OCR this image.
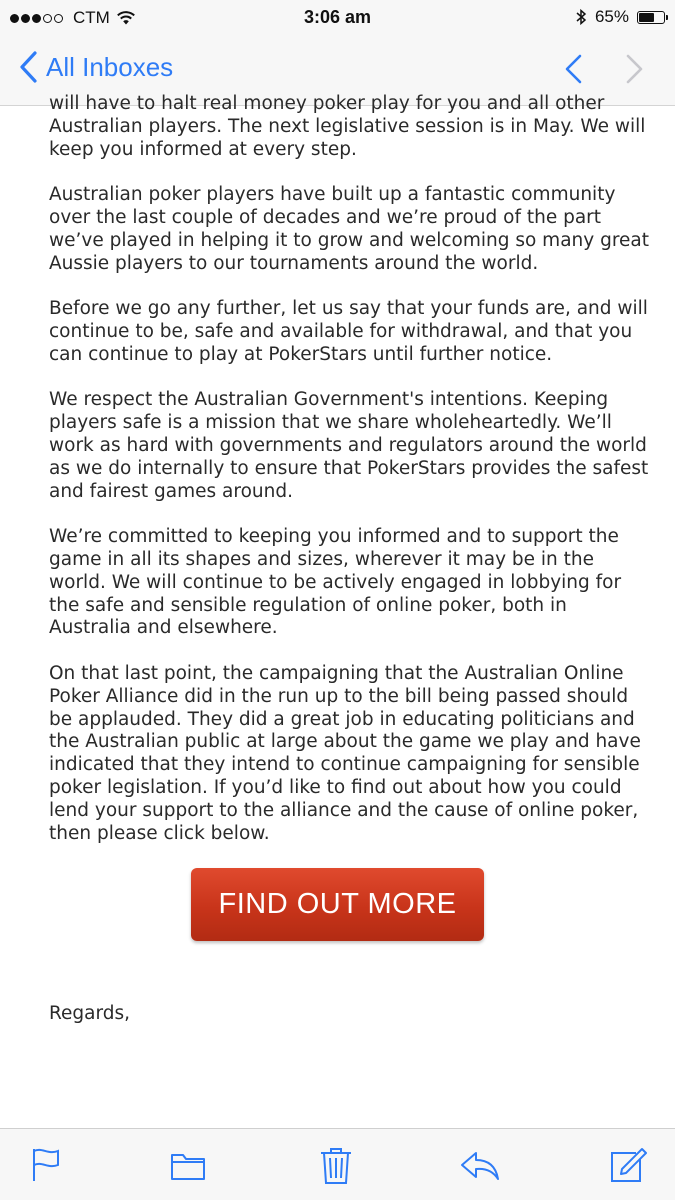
CTM	3:06 am	65%
All Inboxes

will have to halt real money poker play for you and all other Australian players. The next legislative session is in May. We will keep you informed at every step.

Australian poker players have built up a fantastic community over the last couple of decades and we’re proud of the part we’ve played in helping it to grow and welcoming so many great Aussie players to our tournaments around the world.

Before we go any further, let us say that your funds are, and will continue to be, safe and available for withdrawal, and that you can continue to play at PokerStars until further notice.

We respect the Australian Government's intentions. Keeping players safe is a mission that we share wholeheartedly. We’ll work as hard with governments and regulators around the world as we do internally to ensure that PokerStars provides the safest and fairest games around.

We’re committed to keeping you informed and to support the game in all its shapes and sizes, wherever it may be in the world. We will continue to be actively engaged in lobbying for the safe and sensible regulation of online poker, both in Australia and elsewhere.

On that last point, the campaigning that the Australian Online Poker Alliance did in the run up to the bill being passed should be applauded. They did a great job in educating politicians and the Australian public at large about the game we play and have indicated that they intend to continue campaigning for sensible poker legislation. If you’d like to find out about how you could lend your support to the alliance and the cause of online poker, then please click below.

FIND OUT MORE
Regards,
